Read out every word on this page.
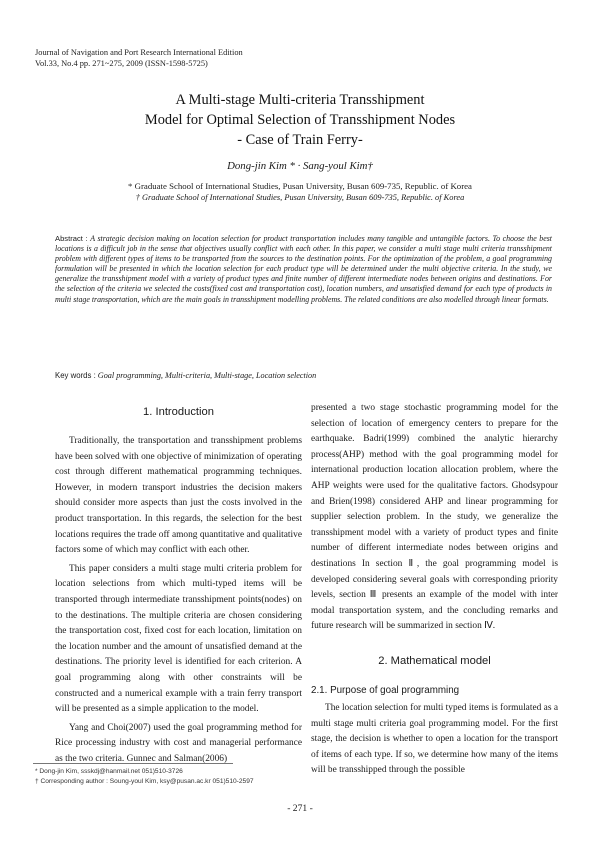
Journal of Navigation and Port Research International Edition
Vol.33, No.4 pp. 271~275, 2009 (ISSN-1598-5725)
A Multi-stage Multi-criteria Transshipment
Model for Optimal Selection of Transshipment Nodes
- Case of Train Ferry-
Dong-jin Kim * · Sang-youl Kim†
* Graduate School of International Studies, Pusan University, Busan 609-735, Republic. of Korea
† Graduate School of International Studies, Pusan University, Busan 609-735, Republic. of Korea
Abstract : A strategic decision making on location selection for product transportation includes many tangible and untangible factors. To choose the best locations is a difficult job in the sense that objectives usually conflict with each other. In this paper, we consider a multi stage multi criteria transshipment problem with different types of items to be transported from the sources to the destination points. For the optimization of the problem, a goal programming formulation will be presented in which the location selection for each product type will be determined under the multi objective criteria. In the study, we generalize the transshipment model with a variety of product types and finite number of different intermediate nodes between origins and destinations. For the selection of the criteria we selected the costs(fixed cost and transportation cost), location numbers, and unsatisfied demand for each type of products in multi stage transportation, which are the main goals in transshipment modelling problems. The related conditions are also modelled through linear formats.
Key words : Goal programming, Multi-criteria, Multi-stage, Location selection
1. Introduction

Traditionally, the transportation and transshipment problems have been solved with one objective of minimization of operating cost through different mathematical programming techniques. However, in modern transport industries the decision makers should consider more aspects than just the costs involved in the product transportation. In this regards, the selection for the best locations requires the trade off among quantitative and qualitative factors some of which may conflict with each other.

This paper considers a multi stage multi criteria problem for location selections from which multi-typed items will be transported through intermediate transshipment points(nodes) on to the destinations. The multiple criteria are chosen considering the transportation cost, fixed cost for each location, limitation on the location number and the amount of unsatisfied demand at the destinations. The priority level is identified for each criterion. A goal programming along with other constraints will be constructed and a numerical example with a train ferry transport will be presented as a simple application to the model.

Yang and Choi(2007) used the goal programming method for Rice processing industry with cost and managerial performance as the two criteria. Gunnec and Salman(2006)

presented a two stage stochastic programming model for the selection of location of emergency centers to prepare for the earthquake. Badri(1999) combined the analytic hierarchy process(AHP) method with the goal programming model for international production location allocation problem, where the AHP weights were used for the qualitative factors. Ghodsypour and Brien(1998) considered AHP and linear programming for supplier selection problem. In the study, we generalize the transshipment model with a variety of product types and finite number of different intermediate nodes between origins and destinations In section Ⅱ, the goal programming model is developed considering several goals with corresponding priority levels, section Ⅲ presents an example of the model with inter modal transportation system, and the concluding remarks and future research will be summarized in section Ⅳ.

2. Mathematical model
2.1. Purpose of goal programming

The location selection for multi typed items is formulated as a multi stage multi criteria goal programming model. For the first stage, the decision is whether to open a location for the transport of items of each type. If so, we determine how many of the items will be transshipped through the possible

* Dong-jin Kim, ssskdj@hanmail.net 051)510-3726
† Corresponding author : Soung-youl Kim, ksy@pusan.ac.kr 051)510-2597
- 271 -
